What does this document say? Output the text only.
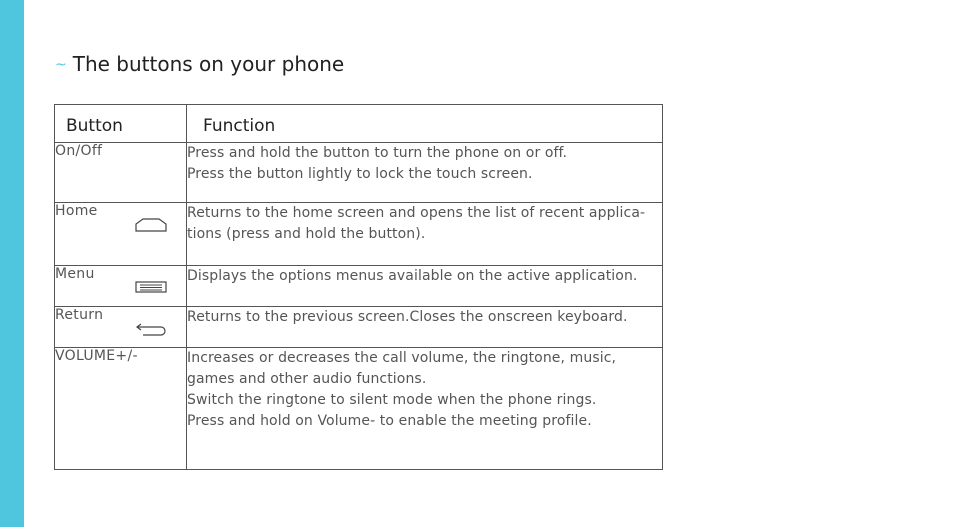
~ The buttons on your phone
Button	Function
On/Off	Press and hold the button to turn the phone on or off.
Press the button lightly to lock the touch screen.

Home	Returns to the home screen and opens the list of recent applica-
tions (press and hold the button).

Menu	Displays the options menus available on the active application.

Return	Returns to the previous screen.Closes the onscreen keyboard.

VOLUME+/-	Increases or decreases the call volume, the ringtone, music,
games and other audio functions.
Switch the ringtone to silent mode when the phone rings.
Press and hold on Volume- to enable the meeting profile.
